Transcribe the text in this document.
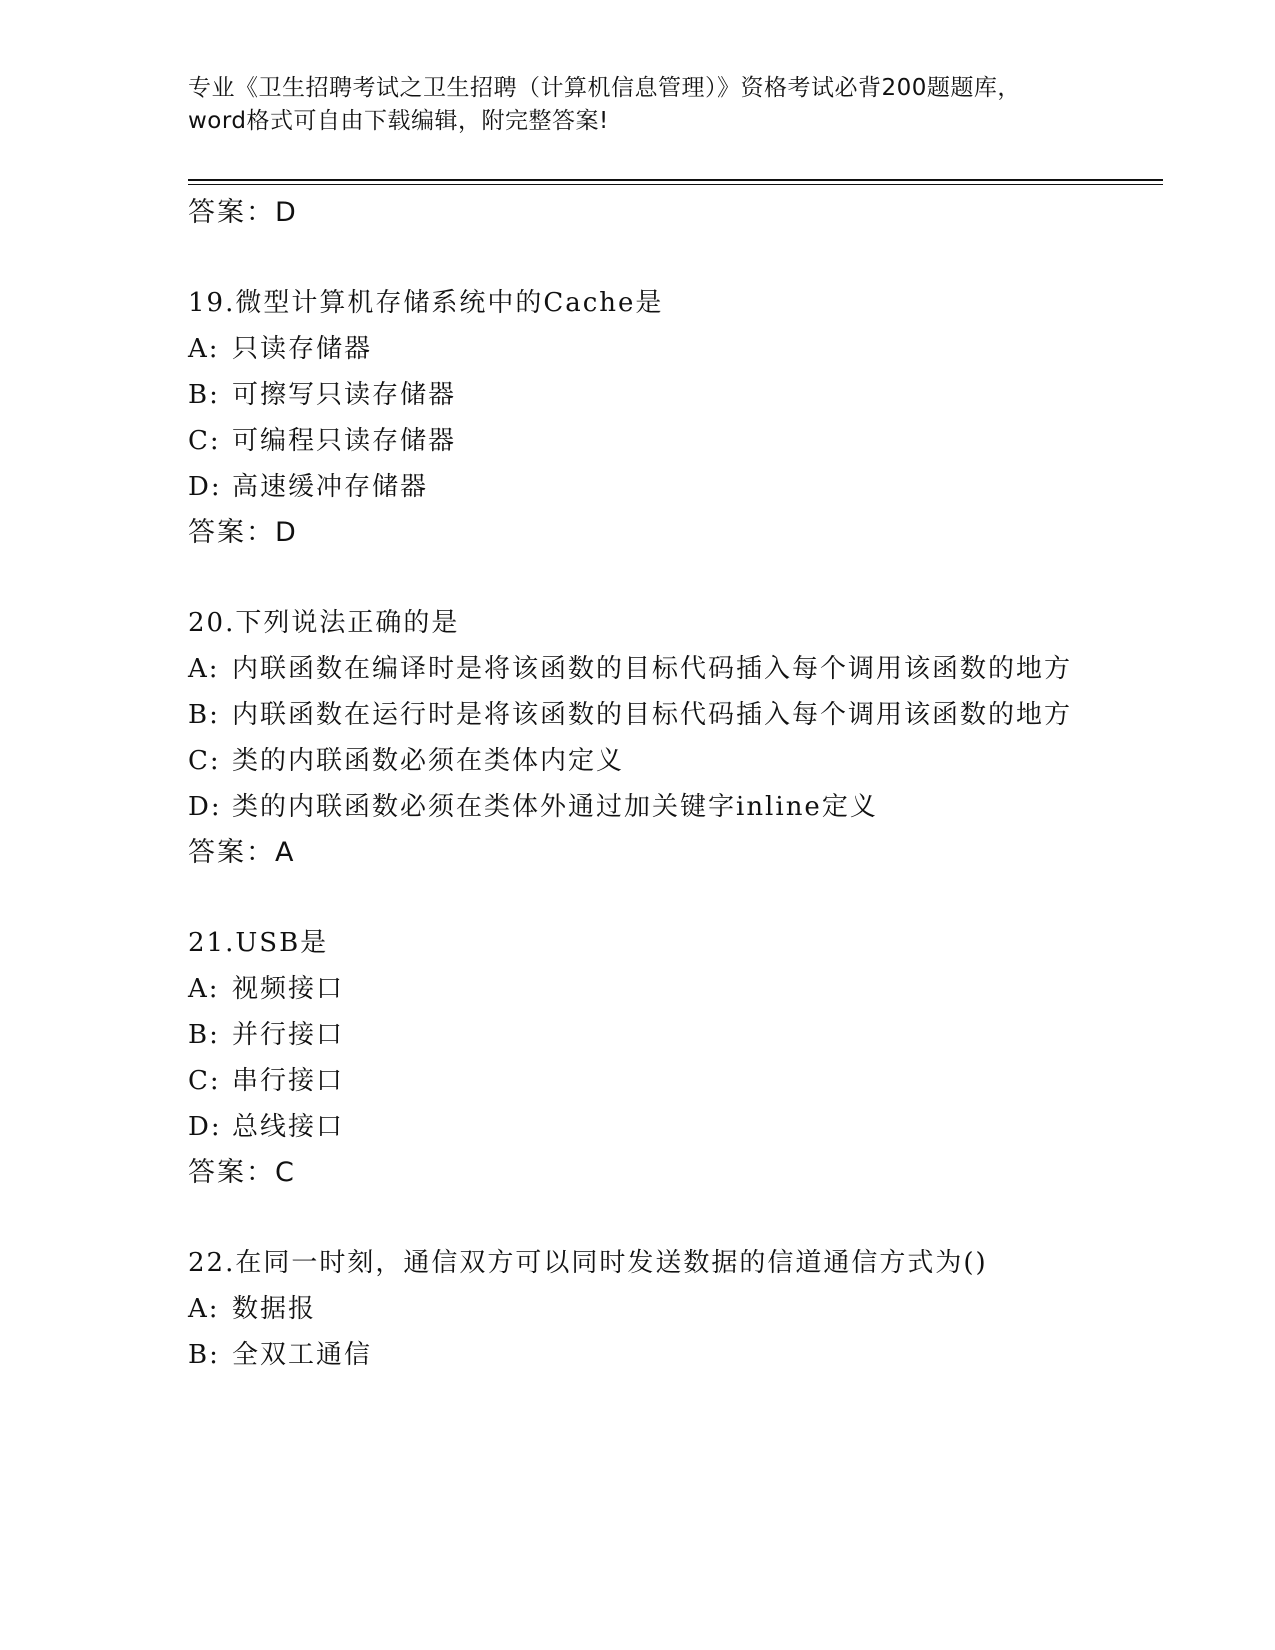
专业《卫生招聘考试之卫生招聘（计算机信息管理）》资格考试必背200题题库，
word格式可自由下载编辑，附完整答案!
答案：D
19.微型计算机存储系统中的Cache是
A: 只读存储器
B: 可擦写只读存储器
C: 可编程只读存储器
D: 高速缓冲存储器
答案：D
20.下列说法正确的是
A: 内联函数在编译时是将该函数的目标代码插入每个调用该函数的地方
B: 内联函数在运行时是将该函数的目标代码插入每个调用该函数的地方
C: 类的内联函数必须在类体内定义
D: 类的内联函数必须在类体外通过加关键字inline定义
答案：A
21.USB是
A: 视频接口
B: 并行接口
C: 串行接口
D: 总线接口
答案：C
22.在同一时刻，通信双方可以同时发送数据的信道通信方式为()
A: 数据报
B: 全双工通信
